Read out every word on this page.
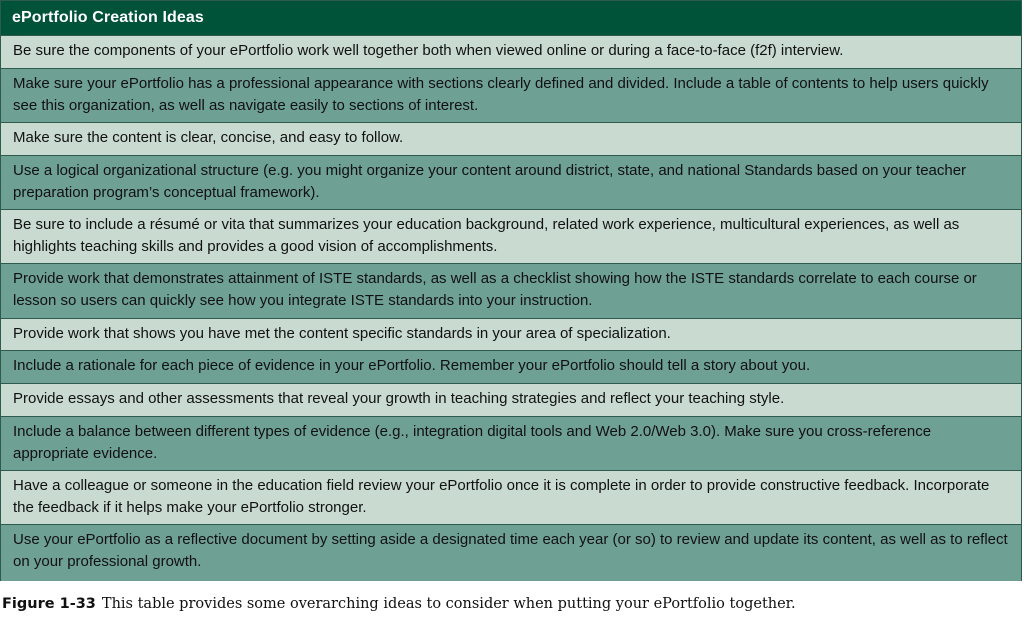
ePortfolio Creation Ideas
Be sure the components of your ePortfolio work well together both when viewed online or during a face-to-face (f2f) interview.
Make sure your ePortfolio has a professional appearance with sections clearly defined and divided. Include a table of contents to help users quickly see this organization, as well as navigate easily to sections of interest.
Make sure the content is clear, concise, and easy to follow.
Use a logical organizational structure (e.g. you might organize your content around district, state, and national Standards based on your teacher preparation program’s conceptual framework).
Be sure to include a résumé or vita that summarizes your education background, related work experience, multicultural experiences, as well as highlights teaching skills and provides a good vision of accomplishments.
Provide work that demonstrates attainment of ISTE standards, as well as a checklist showing how the ISTE standards correlate to each course or lesson so users can quickly see how you integrate ISTE standards into your instruction.
Provide work that shows you have met the content specific standards in your area of specialization.
Include a rationale for each piece of evidence in your ePortfolio. Remember your ePortfolio should tell a story about you.
Provide essays and other assessments that reveal your growth in teaching strategies and reflect your teaching style.
Include a balance between different types of evidence (e.g., integration digital tools and Web 2.0/Web 3.0). Make sure you cross-reference appropriate evidence.
Have a colleague or someone in the education field review your ePortfolio once it is complete in order to provide constructive feedback. Incorporate the feedback if it helps make your ePortfolio stronger.
Use your ePortfolio as a reflective document by setting aside a designated time each year (or so) to review and update its content, as well as to reflect on your professional growth.
Figure 1-33 This table provides some overarching ideas to consider when putting your ePortfolio together.
